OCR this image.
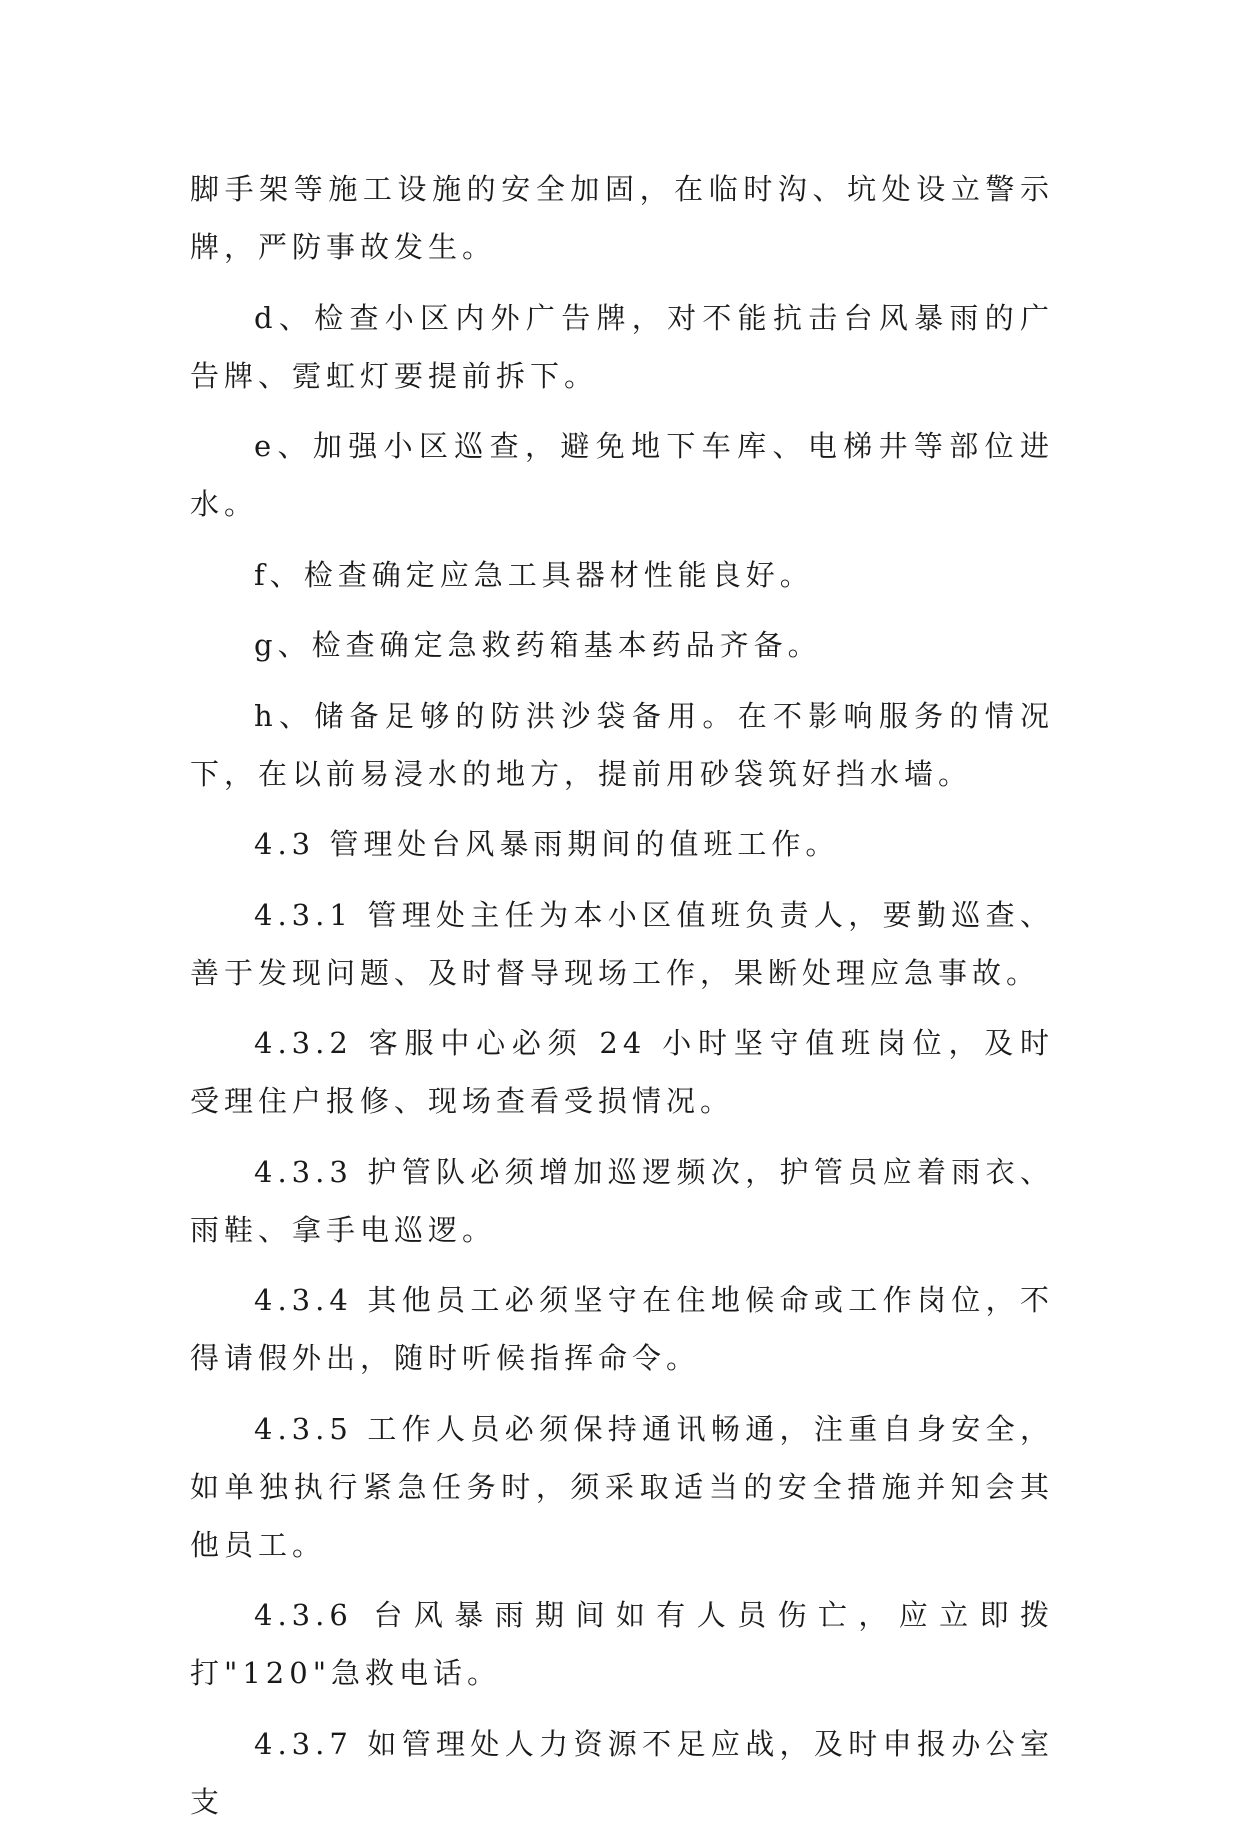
脚手架等施工设施的安全加固，在临时沟、坑处设立警示牌，严防事故发生。

d、检查小区内外广告牌，对不能抗击台风暴雨的广告牌、霓虹灯要提前拆下。

e、加强小区巡查，避免地下车库、电梯井等部位进水。

f、检查确定应急工具器材性能良好。

g、检查确定急救药箱基本药品齐备。

h、储备足够的防洪沙袋备用。在不影响服务的情况下，在以前易浸水的地方，提前用砂袋筑好挡水墙。

4.3 管理处台风暴雨期间的值班工作。

4.3.1 管理处主任为本小区值班负责人，要勤巡查、善于发现问题、及时督导现场工作，果断处理应急事故。

4.3.2 客服中心必须 24 小时坚守值班岗位，及时受理住户报修、现场查看受损情况。

4.3.3 护管队必须增加巡逻频次，护管员应着雨衣、雨鞋、拿手电巡逻。

4.3.4 其他员工必须坚守在住地候命或工作岗位，不得请假外出，随时听候指挥命令。

4.3.5 工作人员必须保持通讯畅通，注重自身安全，如单独执行紧急任务时，须采取适当的安全措施并知会其他员工。

4.3.6 台风暴雨期间如有人员伤亡，应立即拨打"120"急救电话。

4.3.7 如管理处人力资源不足应战，及时申报办公室支
